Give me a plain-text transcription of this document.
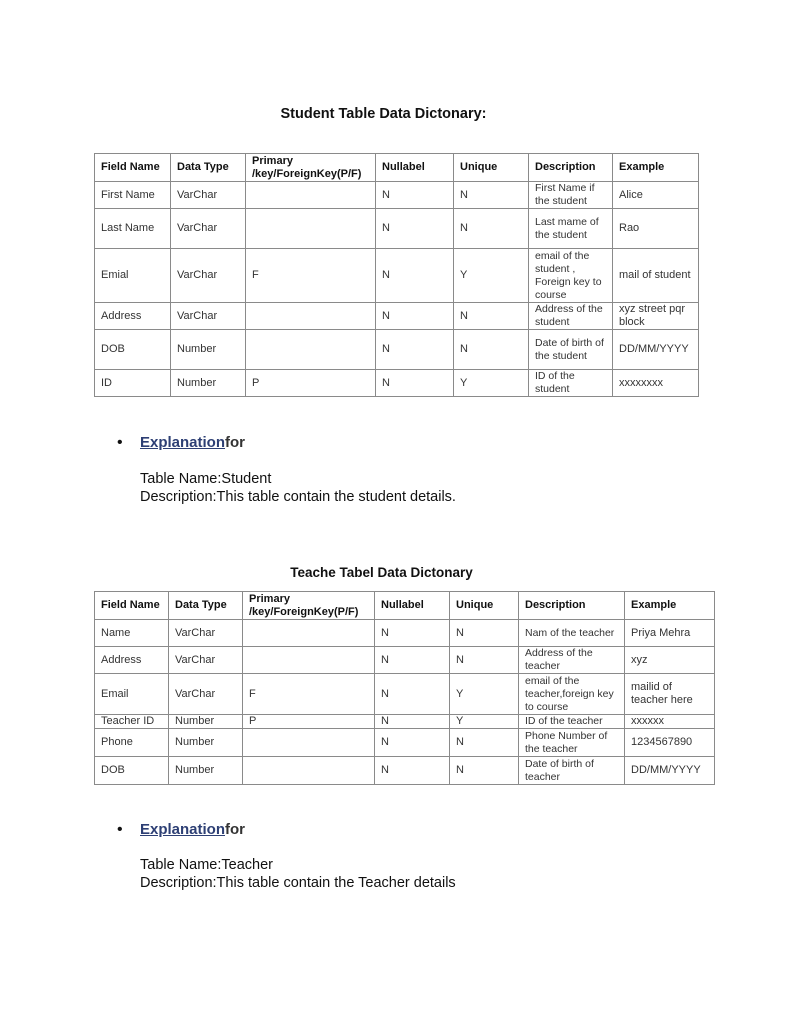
Student Table Data Dictonary:
Field Name	Data Type	Primary /key/ForeignKey(P/F)	Nullabel	Unique	Description	Example
First Name	VarChar		N	N	First Name if the student	Alice
Last Name	VarChar		N	N	Last mame of the student	Rao
Emial	VarChar	F	N	Y	email of the student , Foreign key to course	mail of student
Address	VarChar		N	N	Address of the student	xyz street pqr block
DOB	Number		N	N	Date of birth of the student	DD/MM/YYYY
ID	Number	P	N	Y	ID of the student	xxxxxxxx
• Explanationfor
Table Name:Student
Description:This table contain the student details.
Teache Tabel Data Dictonary
Field Name	Data Type	Primary /key/ForeignKey(P/F)	Nullabel	Unique	Description	Example
Name	VarChar		N	N	Nam of the teacher	Priya Mehra
Address	VarChar		N	N	Address of the teacher	xyz
Email	VarChar	F	N	Y	email of the teacher,foreign key to course	mailid of teacher here
Teacher ID	Number	P	N	Y	ID of the teacher	xxxxxx
Phone	Number		N	N	Phone Number of the teacher	1234567890
DOB	Number		N	N	Date of birth of teacher	DD/MM/YYYY
• Explanationfor
Table Name:Teacher
Description:This table contain the Teacher details
